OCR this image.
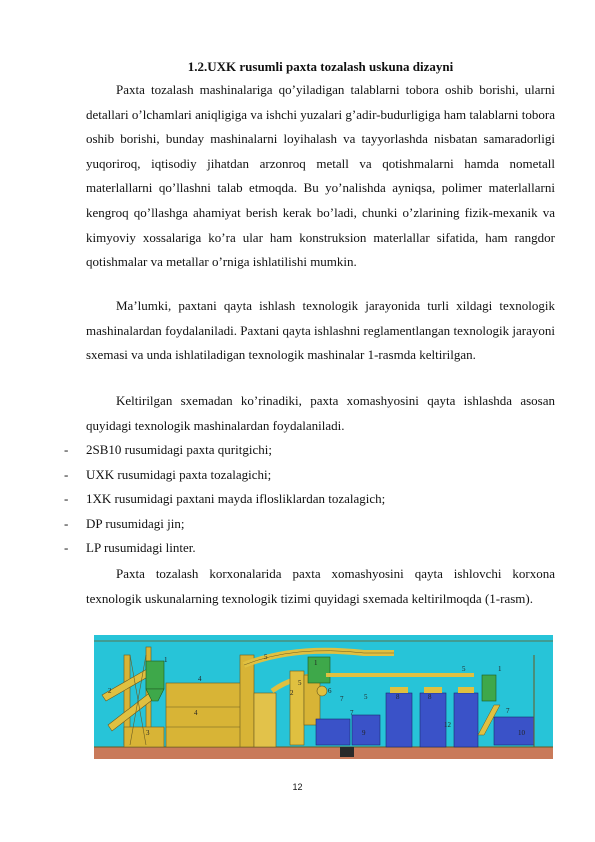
1.2.UXK rusumli paxta tozalash uskuna dizayni
Paxta tozalash mashinalariga qo’yiladigan talablarni tobora oshib borishi, ularni detallari o’lchamlari aniqligiga va ishchi yuzalari g’adir-budurligiga ham talablarni tobora oshib borishi, bunday mashinalarni loyihalash va tayyorlashda nisbatan samaradorligi yuqoriroq, iqtisodiy jihatdan arzonroq metall va qotishmalarni hamda nometall materlallarni qo’llashni talab etmoqda. Bu yo’nalishda ayniqsa, polimer materlallarni kengroq qo’llashga ahamiyat berish kerak bo’ladi, chunki o’zlarining fizik-mexanik va kimyoviy xossalariga ko’ra ular ham konstruksion materlallar sifatida, ham rangdor qotishmalar va metallar o’rniga ishlatilishi mumkin.
Ma’lumki, paxtani qayta ishlash texnologik jarayonida turli xildagi texnologik mashinalardan foydalaniladi. Paxtani qayta ishlashni reglamentlangan texnologik jarayoni sxemasi va unda ishlatiladigan texnologik mashinalar 1-rasmda keltirilgan.
Keltirilgan sxemadan ko’rinadiki, paxta xomashyosini qayta ishlashda asosan quyidagi texnologik mashinalardan foydalaniladi.
-	2SB10 rusumidagi paxta quritgichi;
-	UXK rusumidagi paxta tozalagichi;
-	1XK rusumidagi paxtani mayda iflosliklardan tozalagich;
-	DP rusumidagi jin;
-	LP rusumidagi linter.
Paxta tozalash korxonalarida paxta xomashyosini qayta ishlovchi korxona texnologik uskunalarning texnologik tizimi quyidagi sxemada keltirilmoqda (1-rasm).
1
2
3
4
5
5
6
7	8
9	10
12
5
7
8
1
5
2
4
1
7
12
